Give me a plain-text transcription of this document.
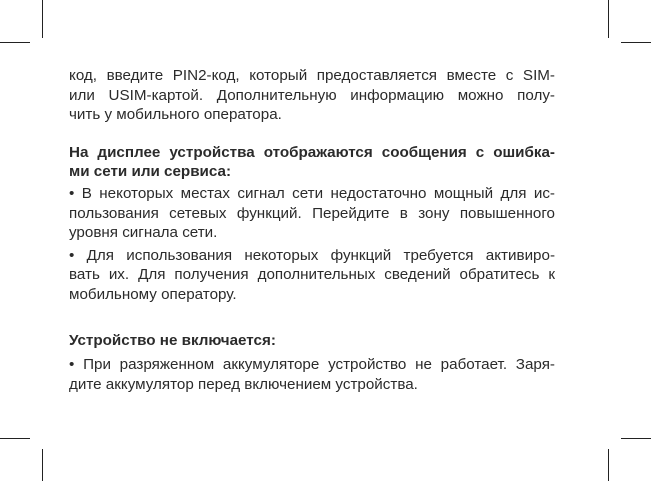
код, введите PIN2-код, который предоставляется вместе с SIM-
или USIM-картой. Дополнительную информацию можно полу-
чить у мобильного оператора.

На дисплее устройства отображаются сообщения с ошибка-
ми сети или сервиса:

• В некоторых местах сигнал сети недостаточно мощный для ис-
пользования сетевых функций. Перейдите в зону повышенного
уровня сигнала сети.

• Для использования некоторых функций требуется активиро-
вать их. Для получения дополнительных сведений обратитесь к
мобильному оператору.

Устройство не включается:

• При разряженном аккумуляторе устройство не работает. Заря-
дите аккумулятор перед включением устройства.
